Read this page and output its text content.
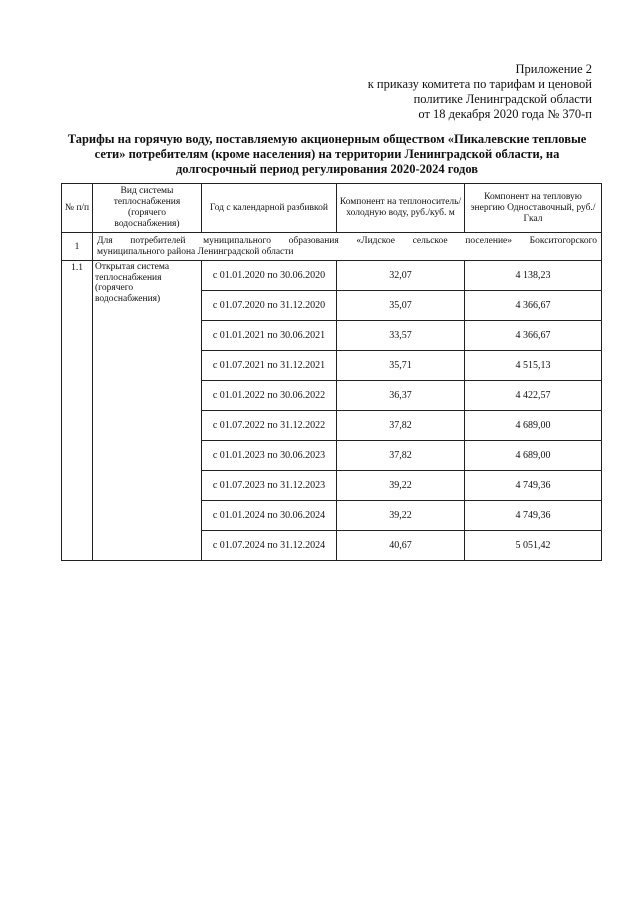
Приложение 2
к приказу комитета по тарифам и ценовой
политике Ленинградской области
от 18 декабря 2020 года № 370-п
Тарифы на горячую воду, поставляемую акционерным обществом «Пикалевские тепловые сети» потребителям (кроме населения) на территории Ленинградской области, на долгосрочный период регулирования 2020-2024 годов
№ п/п	Вид системы теплоснабжения (горячего водоснабжения)	Год с календарной разбивкой	Компонент на теплоноситель/холодную воду, руб./куб. м	Компонент на тепловую энергию Одноставочный, руб./Гкал
1	Для потребителей муниципального образования «Лидское сельское поселение» Бокситогорского
муниципального района Ленинградской области			

1.1	Открытая система теплоснабжения (горячего водоснабжения)	с 01.01.2020 по 30.06.2020	32,07	4 138,23
		с 01.07.2020 по 31.12.2020	35,07	4 366,67
		с 01.01.2021 по 30.06.2021	33,57	4 366,67
		с 01.07.2021 по 31.12.2021	35,71	4 515,13
		с 01.01.2022 по 30.06.2022	36,37	4 422,57
		с 01.07.2022 по 31.12.2022	37,82	4 689,00
		с 01.01.2023 по 30.06.2023	37,82	4 689,00
		с 01.07.2023 по 31.12.2023	39,22	4 749,36
		с 01.01.2024 по 30.06.2024	39,22	4 749,36
		с 01.07.2024 по 31.12.2024	40,67	5 051,42
